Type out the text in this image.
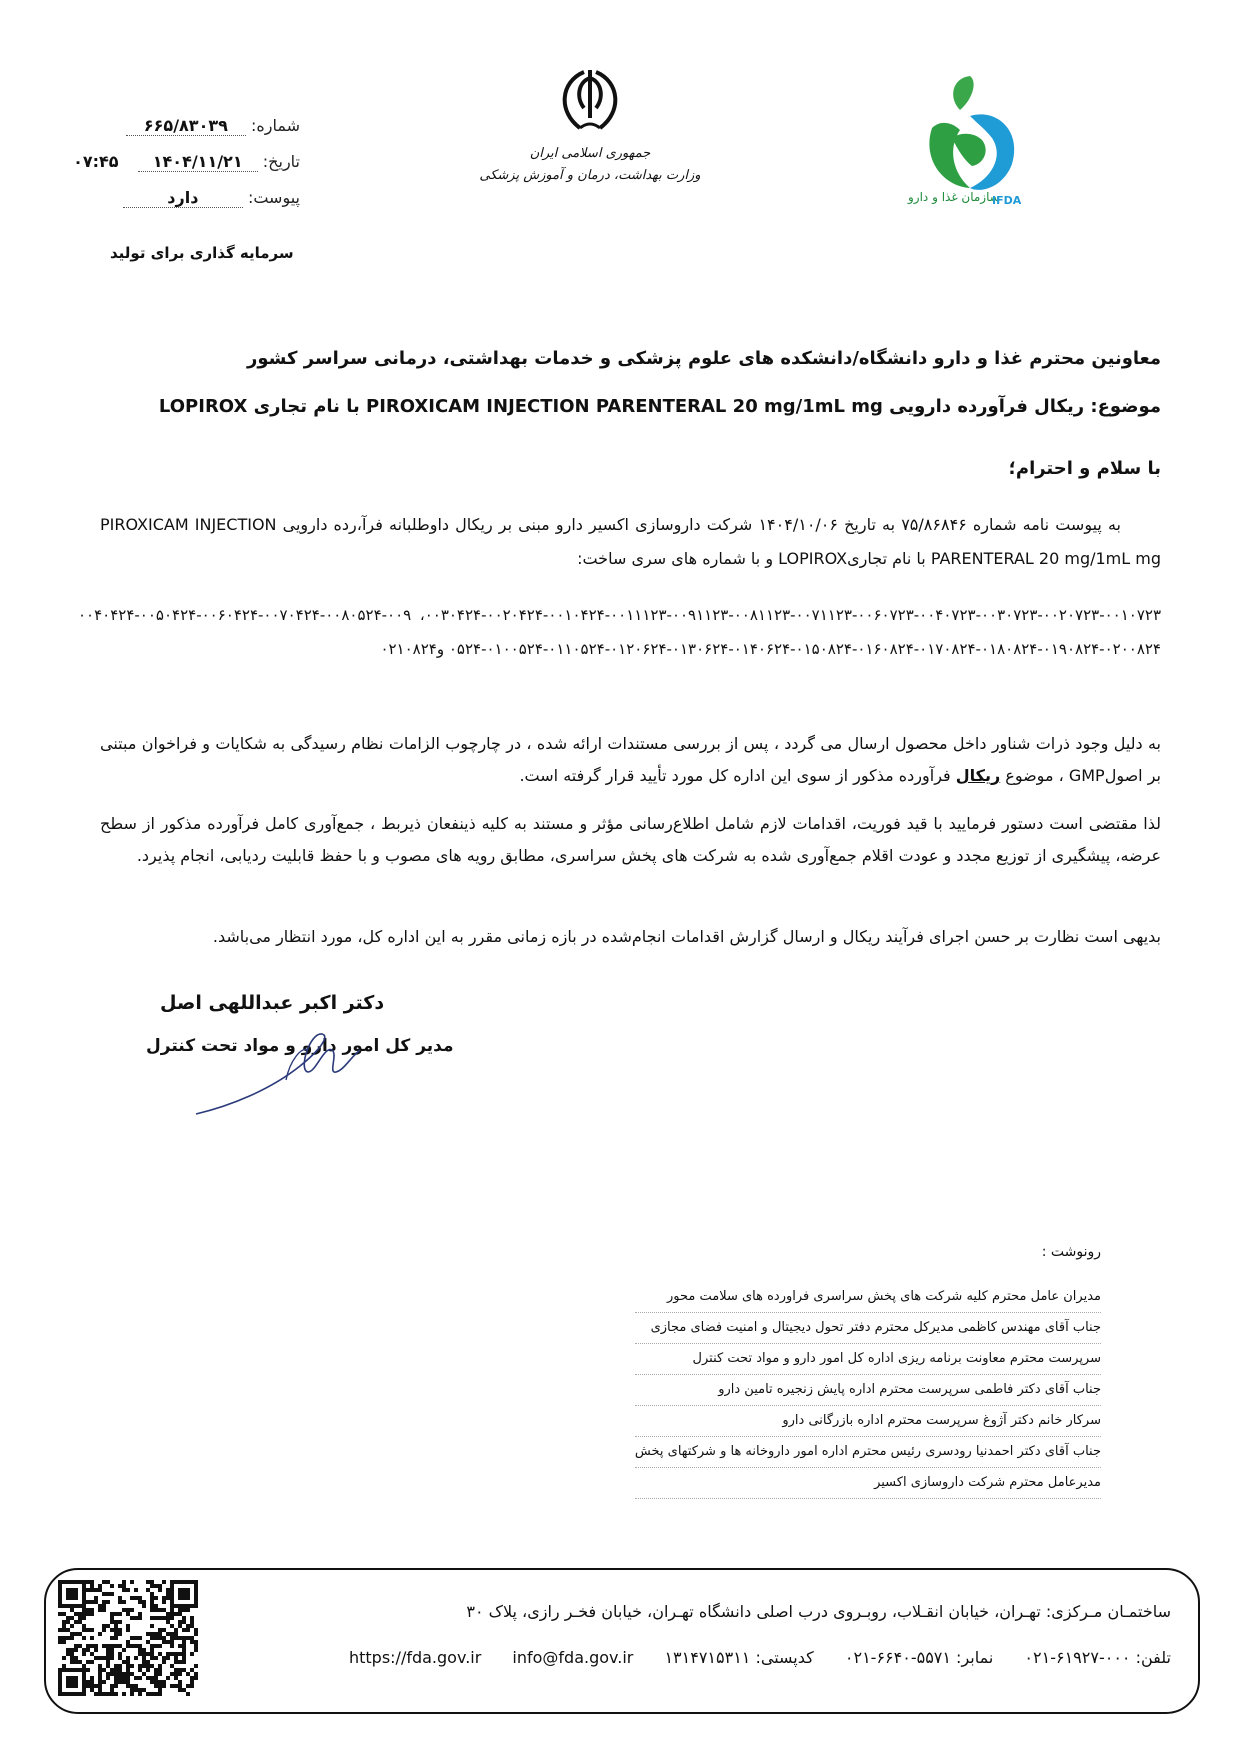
سازمان غذا و دارو
IFDA
جمهوری اسلامی ایران
وزارت بهداشت، درمان و آموزش پزشکی
شماره: ۶۶۵/۸۳۰۳۹
تاریخ: ۱۴۰۴/۱۱/۲۱ ۰۷:۴۵
پیوست: دارد
سرمایه گذاری برای تولید
معاونین محترم غذا و دارو دانشگاه/دانشکده های علوم پزشکی و خدمات بهداشتی، درمانی سراسر کشور
موضوع: ریکال فرآورده دارویی PIROXICAM INJECTION PARENTERAL 20 mg/1mL mg با نام تجاری LOPIROX
با سلام و احترام؛
به پیوست نامه شماره ۷۵/۸۶۸۴۶ به تاریخ ۱۴۰۴/۱۰/۰۶ شرکت داروسازی اکسیر دارو مبنی بر ریکال داوطلبانه فرآ،رده دارویی PIROXICAM INJECTION PARENTERAL 20 mg/1mL mg با نام تجاریLOPIROX و با شماره های سری ساخت:
۰۰۳۰۴۲۴-۰۰۲۰۴۲۴-۰۰۱۰۴۲۴-۰۰۱۱۱۲۳-۰۰۹۱۱۲۳-۰۰۸۱۱۲۳-۰۰۷۱۱۲۳-۰۰۶۰۷۲۳-۰۰۴۰۷۲۳-۰۰۳۰۷۲۳-۰۰۲۰۷۲۳-۰۰۱۰۷۲۳، ۰۰۴۰۴۲۴-۰۰۵۰۴۲۴-۰۰۶۰۴۲۴-۰۰۷۰۴۲۴-۰۰۸۰۵۲۴-۰۰۹۰۵۲۴-۰۱۰۰۵۲۴-۰۱۱۰۵۲۴-۰۱۲۰۶۲۴-۰۱۳۰۶۲۴-۰۱۴۰۶۲۴-۰۱۵۰۸۲۴-۰۱۶۰۸۲۴-۰۱۷۰۸۲۴-۰۱۸۰۸۲۴-۰۱۹۰۸۲۴-۰۲۰۰۸۲۴ و۰۲۱۰۸۲۴
به دلیل وجود ذرات شناور داخل محصول ارسال می گردد ، پس از بررسی مستندات ارائه شده ، در چارچوب الزامات نظام رسیدگی به شکایات و فراخوان مبتنی بر اصولGMP ، موضوع ریکال فرآورده مذکور از سوی این اداره کل مورد تأیید قرار گرفته است.
لذا مقتضی است دستور فرمایید با قید فوریت، اقدامات لازم شامل اطلاع‌رسانی مؤثر و مستند به کلیه ذینفعان ذیربط ، جمع‌آوری کامل فرآورده مذکور از سطح عرضه، پیشگیری از توزیع مجدد و عودت اقلام جمع‌آوری شده به شرکت های پخش سراسری، مطابق رویه های مصوب و با حفظ قابلیت ردیابی، انجام پذیرد.
بدیهی است نظارت بر حسن اجرای فرآیند ریکال و ارسال گزارش اقدامات انجام‌شده در بازه زمانی مقرر به این اداره کل، مورد انتظار می‌باشد.
دکتر اکبر عبداللهی اصل
مدیر کل امور دارو و مواد تحت کنترل
رونوشت :
مدیران عامل محترم کلیه شرکت های پخش سراسری فراورده های سلامت محور
جناب آقای مهندس کاظمی مدیرکل محترم دفتر تحول دیجیتال و امنیت فضای مجازی
سرپرست محترم معاونت برنامه ریزی اداره کل امور دارو و مواد تحت کنترل
جناب آقای دکتر فاطمی سرپرست محترم اداره پایش زنجیره تامین دارو
سرکار خانم دکتر آژوغ سرپرست محترم اداره بازرگانی دارو
جناب آقای دکتر احمدنیا رودسری رئیس محترم اداره امور داروخانه ها و شرکتهای پخش
مدیرعامل محترم شرکت داروسازی اکسیر
ساختمـان مـرکزی: تهـران، خیابان انقـلاب، روبـروی درب اصلی دانشگاه تهـران، خیابان فخـر رازی، پلاک ۳۰
تلفن: ۰۰۰-۶۱۹۲۷-۰۲۱ نمابر: ۵۵۷۱-۶۶۴۰-۰۲۱ کدپستی: ۱۳۱۴۷۱۵۳۱۱ info@fda.gov.ir https://fda.gov.ir
